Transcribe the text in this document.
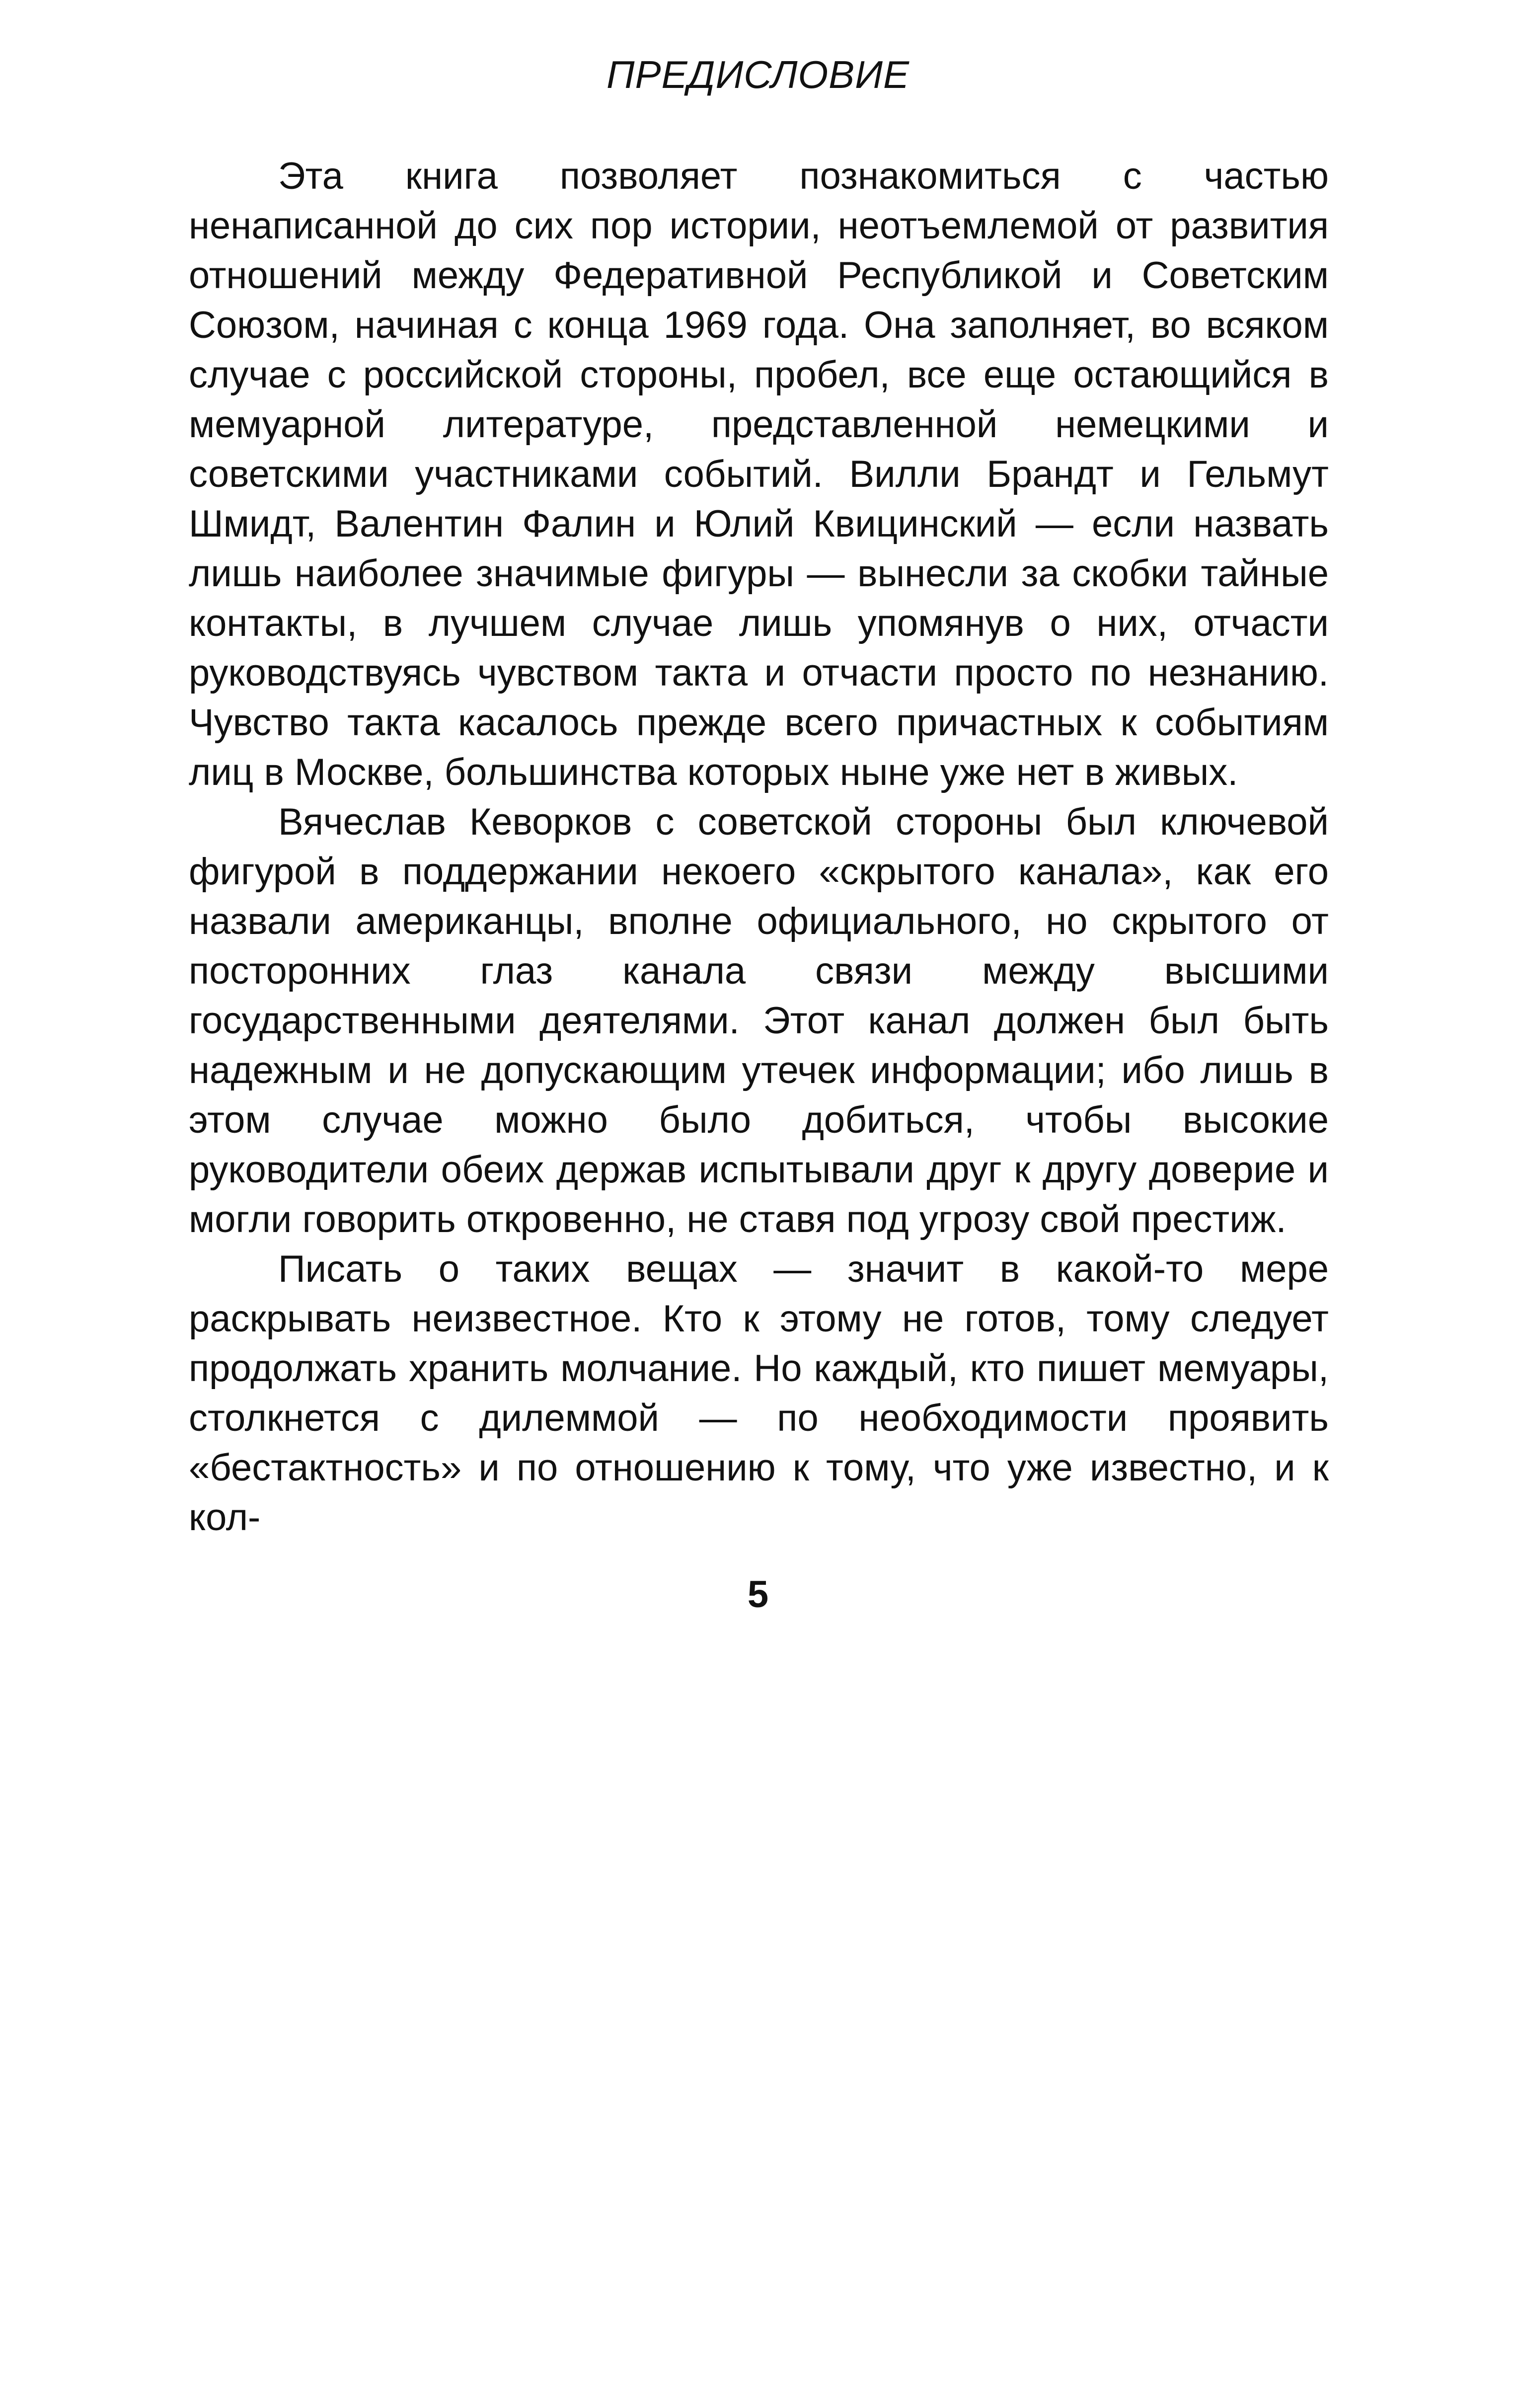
ПРЕДИСЛОВИЕ

Эта книга позволяет познакомиться с частью ненаписанной до сих пор истории, неотъемлемой от развития отношений между Федеративной Республикой и Советским Союзом, начиная с конца 1969 года. Она заполняет, во всяком случае с российской стороны, пробел, все еще остающийся в мемуарной литературе, представленной немецкими и советскими участниками событий. Вилли Брандт и Гельмут Шмидт, Валентин Фалин и Юлий Квицинский — если назвать лишь наиболее значимые фигуры — вынесли за скобки тайные контакты, в лучшем случае лишь упомянув о них, отчасти руководствуясь чувством такта и отчасти просто по незнанию. Чувство такта касалось прежде всего причастных к событиям лиц в Москве, большинства которых ныне уже нет в живых.

Вячеслав Кеворков с советской стороны был ключевой фигурой в поддержании некоего «скрытого канала», как его назвали американцы, вполне официального, но скрытого от посторонних глаз канала связи между высшими государственными деятелями. Этот канал должен был быть надежным и не допускающим утечек информации; ибо лишь в этом случае можно было добиться, чтобы высокие руководители обеих держав испытывали друг к другу доверие и могли говорить откровенно, не ставя под угрозу свой престиж.

Писать о таких вещах — значит в какой-то мере раскрывать неизвестное. Кто к этому не готов, тому следует продолжать хранить молчание. Но каждый, кто пишет мемуары, столкнется с дилеммой — по необходимости проявить «бестактность» и по отношению к тому, что уже известно, и к кол-

5
